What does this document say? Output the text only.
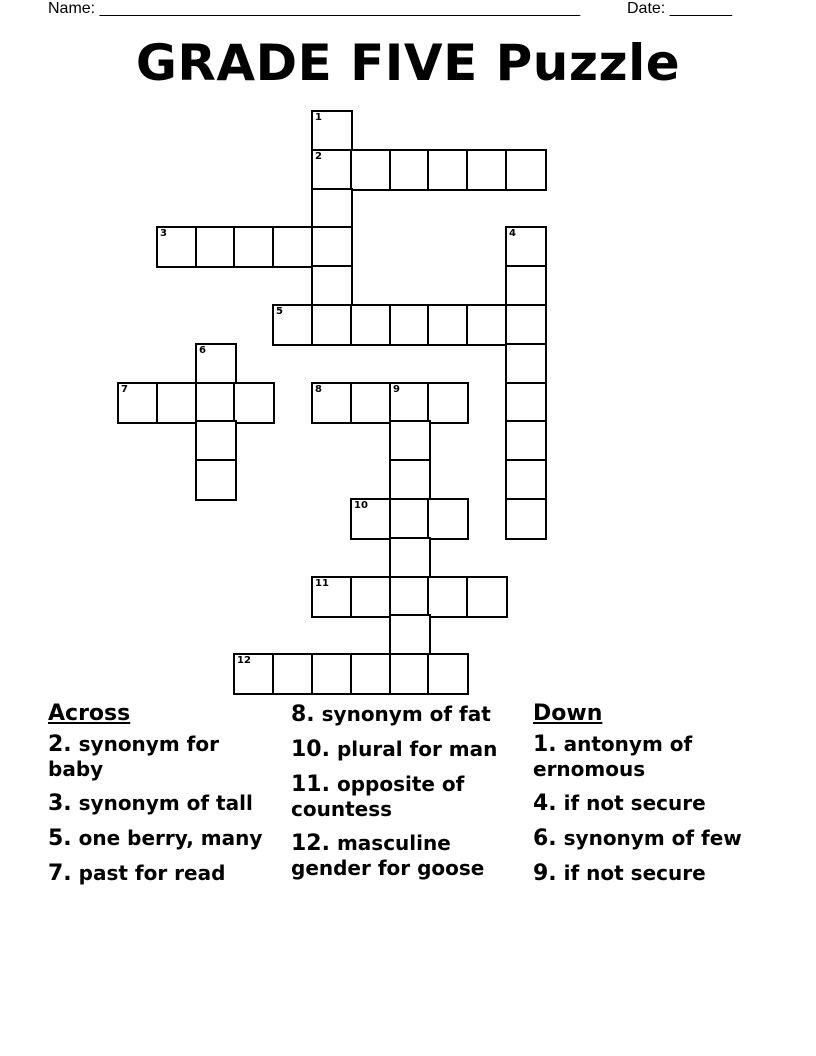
Name: ______________________________________________________	Date: _______
GRADE FIVE Puzzle
1
2
3	4
5
6
7	8	9
10
11
12
Across
2. synonym for baby
3. synonym of tall
5. one berry, many
7. past for read
8. synonym of fat
10. plural for man
11. opposite of countess
12. masculine gender for goose
Down
1. antonym of ernomous
4. if not secure
6. synonym of few
9. if not secure
